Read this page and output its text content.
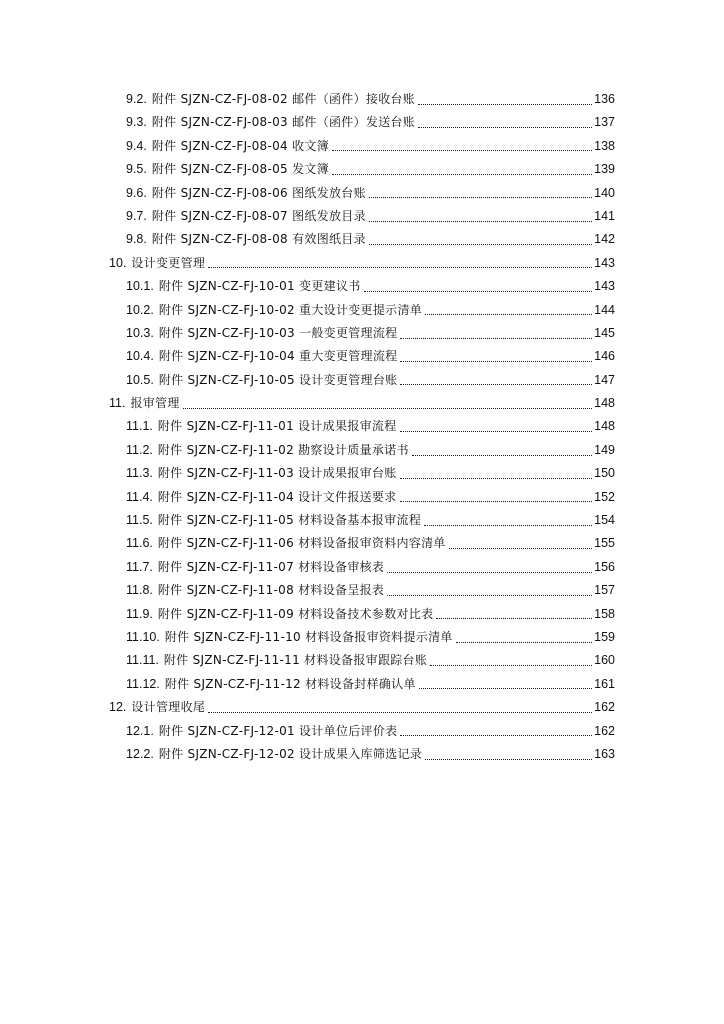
9.2. 附件 SJZN-CZ-FJ-08-02 邮件（函件）接收台账	136
9.3. 附件 SJZN-CZ-FJ-08-03 邮件（函件）发送台账	137
9.4. 附件 SJZN-CZ-FJ-08-04 收文簿	138
9.5. 附件 SJZN-CZ-FJ-08-05 发文簿	139
9.6. 附件 SJZN-CZ-FJ-08-06 图纸发放台账	140
9.7. 附件 SJZN-CZ-FJ-08-07 图纸发放目录	141
9.8. 附件 SJZN-CZ-FJ-08-08 有效图纸目录	142
10. 设计变更管理	143
10.1. 附件 SJZN-CZ-FJ-10-01 变更建议书	143
10.2. 附件 SJZN-CZ-FJ-10-02 重大设计变更提示清单	144
10.3. 附件 SJZN-CZ-FJ-10-03 一般变更管理流程	145
10.4. 附件 SJZN-CZ-FJ-10-04 重大变更管理流程	146
10.5. 附件 SJZN-CZ-FJ-10-05 设计变更管理台账	147
11. 报审管理	148
11.1. 附件 SJZN-CZ-FJ-11-01 设计成果报审流程	148
11.2. 附件 SJZN-CZ-FJ-11-02 勘察设计质量承诺书	149
11.3. 附件 SJZN-CZ-FJ-11-03 设计成果报审台账	150
11.4. 附件 SJZN-CZ-FJ-11-04 设计文件报送要求	152
11.5. 附件 SJZN-CZ-FJ-11-05 材料设备基本报审流程	154
11.6. 附件 SJZN-CZ-FJ-11-06 材料设备报审资料内容清单	155
11.7. 附件 SJZN-CZ-FJ-11-07 材料设备审核表	156
11.8. 附件 SJZN-CZ-FJ-11-08 材料设备呈报表	157
11.9. 附件 SJZN-CZ-FJ-11-09 材料设备技术参数对比表	158
11.10. 附件 SJZN-CZ-FJ-11-10 材料设备报审资料提示清单	159
11.11. 附件 SJZN-CZ-FJ-11-11 材料设备报审跟踪台账	160
11.12. 附件 SJZN-CZ-FJ-11-12 材料设备封样确认单	161
12. 设计管理收尾	162
12.1. 附件 SJZN-CZ-FJ-12-01 设计单位后评价表	162
12.2. 附件 SJZN-CZ-FJ-12-02 设计成果入库筛选记录	163
